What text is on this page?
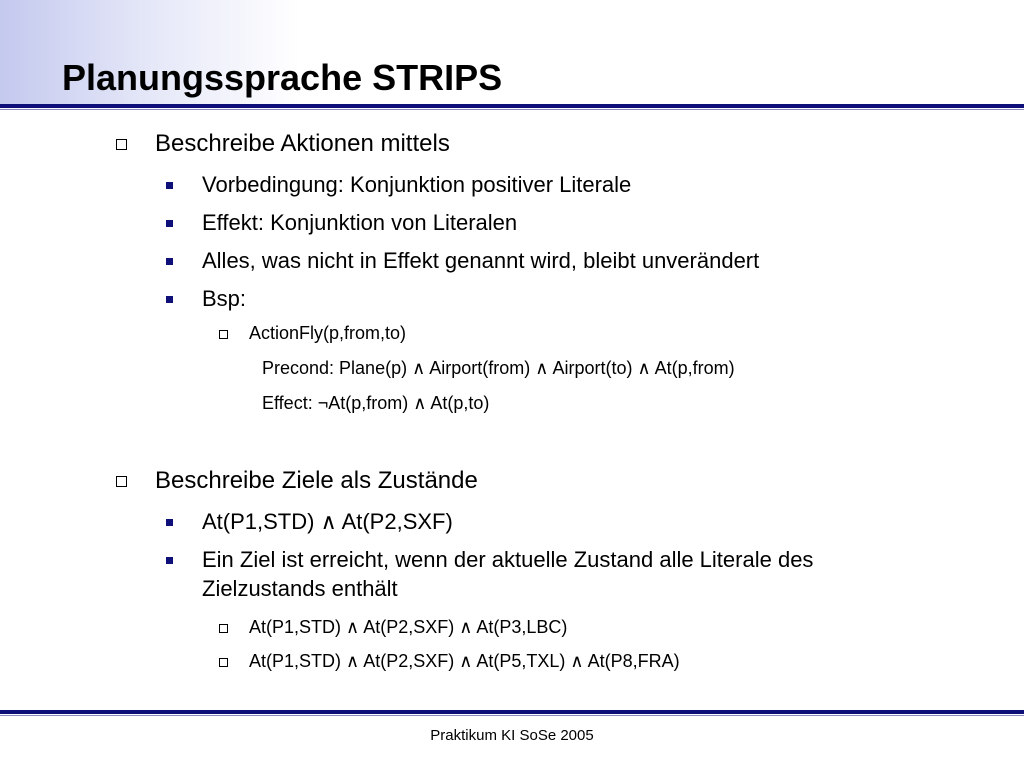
Planungssprache STRIPS
Beschreibe Aktionen mittels
Vorbedingung: Konjunktion positiver Literale
Effekt: Konjunktion von Literalen
Alles, was nicht in Effekt genannt wird, bleibt unverändert
Bsp:
ActionFly(p,from,to)
Precond: Plane(p) ∧ Airport(from) ∧ Airport(to) ∧ At(p,from)
Effect: ¬At(p,from) ∧ At(p,to)
Beschreibe Ziele als Zustände
At(P1,STD) ∧ At(P2,SXF)
Ein Ziel ist erreicht, wenn der aktuelle Zustand alle Literale des
Zielzustands enthält
At(P1,STD) ∧ At(P2,SXF) ∧ At(P3,LBC)
At(P1,STD) ∧ At(P2,SXF) ∧ At(P5,TXL) ∧ At(P8,FRA)
Praktikum KI SoSe 2005
